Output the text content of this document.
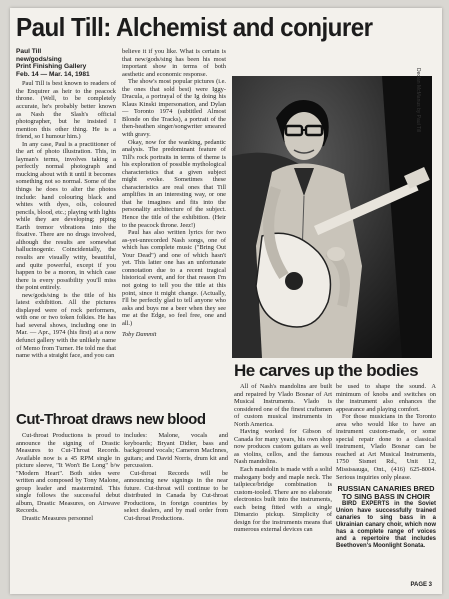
Paul Till: Alchemist and conjurer
Paul Till
new/gods/sing
Print Finishing Gallery
Feb. 14 — Mar. 14, 1981

Paul Till is best known to readers of the Enquirer as heir to the peacock throne. (Well, to be completely accurate, he's probably better known as Nash the Slash's official photographer, but he insisted I mention this other thing. He is a friend, so I humour him.)

In any case, Paul is a practitioner of the art of photo illustration. This, in layman's terms, involves taking a perfectly normal photograph and mucking about with it until it becomes something not so normal. Some of the things he does to alter the photos include: hand colouring black and whites with dyes, oils, coloured pencils, blood, etc.; playing with lights while they are developing; piping Earth tremor vibrations into the fixative. There are no drugs involved, although the results are somewhat hallucinogenic. Coincidentally, the results are visually witty, beautiful, and quite powerful, except if you happen to be a moron, in which case there is every possibility you'll miss the point entirely.

new/gods/sing is the title of his latest exhibition. All the pictures displayed were of rock performers, with one or two token folkies. He has had several shows, including one in Mar. — Apr., 1974 (his first) at a now defunct gallery with the unlikely name of Memo from Turner. He told me that name with a straight face, and you can

believe it if you like. What is certain is that new/gods/sing has been his most important show in terms of both aesthetic and economic response.

The show's most popular pictures (i.e. the ones that sold best) were Iggy-Dracula, a portrayal of the Ig doing his Klaus Kinski impersonation, and Dylan — Toronto 1974 (subtitled Almost Blonde on the Tracks), a portrait of the then-heathen singer/songwriter smeared with gravy.

Okay, now for the wanking, pedantic analysis. The predominant feature of Till's rock portraits in terms of theme is his exploration of possible mythological characteristics that a given subject might evoke. Sometimes these characteristics are real ones that Till amplifies in an interesting way, or one that he imagines and fits into the personality architecture of the subject. Hence the title of the exhibition. (Heir to the peacock throne. Jeez!)

Paul has also written lyrics for two as-yet-unrecorded Nash songs, one of which has complete music ("Bring Out Your Dead") and one of which hasn't yet. This latter one has an unfortunate connotation due to a recent tragical historical event, and for that reason I'm not going to tell you the title at this point, since it might change. (Actually, I'll be perfectly glad to tell anyone who asks and buys me a beer when they see me at the Edge, so feel free, one and all.)

Toby Dammit

Declan McManus by Paul Till
He carves up the bodies

All of Nash's mandolins are built and repaired by Vlado Bosnar of Art Musical Instruments. Vlado is considered one of the finest craftsmen of custom musical instruments in North America.

Having worked for Gibson of Canada for many years, his own shop now produces custom guitars as well as violins, cellos, and the famous Nash mandolins.

Each mandolin is made with a solid mahogany body and maple neck. The tailpiece/bridge combination is custom-tooled. There are no elaborate electronics built into the instruments, each being fitted with a single Dimarzio pickup. Simplicity of design for the instruments means that numerous external devices can

be used to shape the sound. A minimum of knobs and switches on the instrument also enhances the appearance and playing comfort.

For those musicians in the Toronto area who would like to have an instrument custom-made, or some special repair done to a classical instrument, Vlado Bosnar can be reached at Art Musical Instruments, 1750 Sismet Rd., Unit 12, Mississauga, Ont., (416) 625-8004. Serious inquiries only please.

RUSSIAN CANARIES BRED TO SING BASS IN CHOIR

BIRD EXPERTS in the Soviet Union have successfully trained canaries to sing bass in a Ukrainian canary choir, which now has a complete range of voices and a repertoire that includes Beethoven's Moonlight Sonata.

Cut-Throat draws new blood

Cut-throat Productions is proud to announce the signing of Drastic Measures to Cut-Throat Records. Available now is a 45 RPM single in picture sleeve, "It Won't Be Long" b/w "Modern Heart". Both sides were written and composed by Tony Malone, group leader and mastermind. This single follows the successful debut album, Drastic Measures, on Airwave Records.

Drastic Measures personnel

includes: Malone, vocals and keyboards; Bryant Didier, bass and background vocals; Cameron MacInnes, guitars; and David Norris, drum kit and percussion.

Cut-throat Records will be announcing new signings in the near future. Cut-throat will continue to be distributed in Canada by Cut-throat Productions, in foreign countries by select dealers, and by mail order from Cut-throat Productions.

PAGE 3
